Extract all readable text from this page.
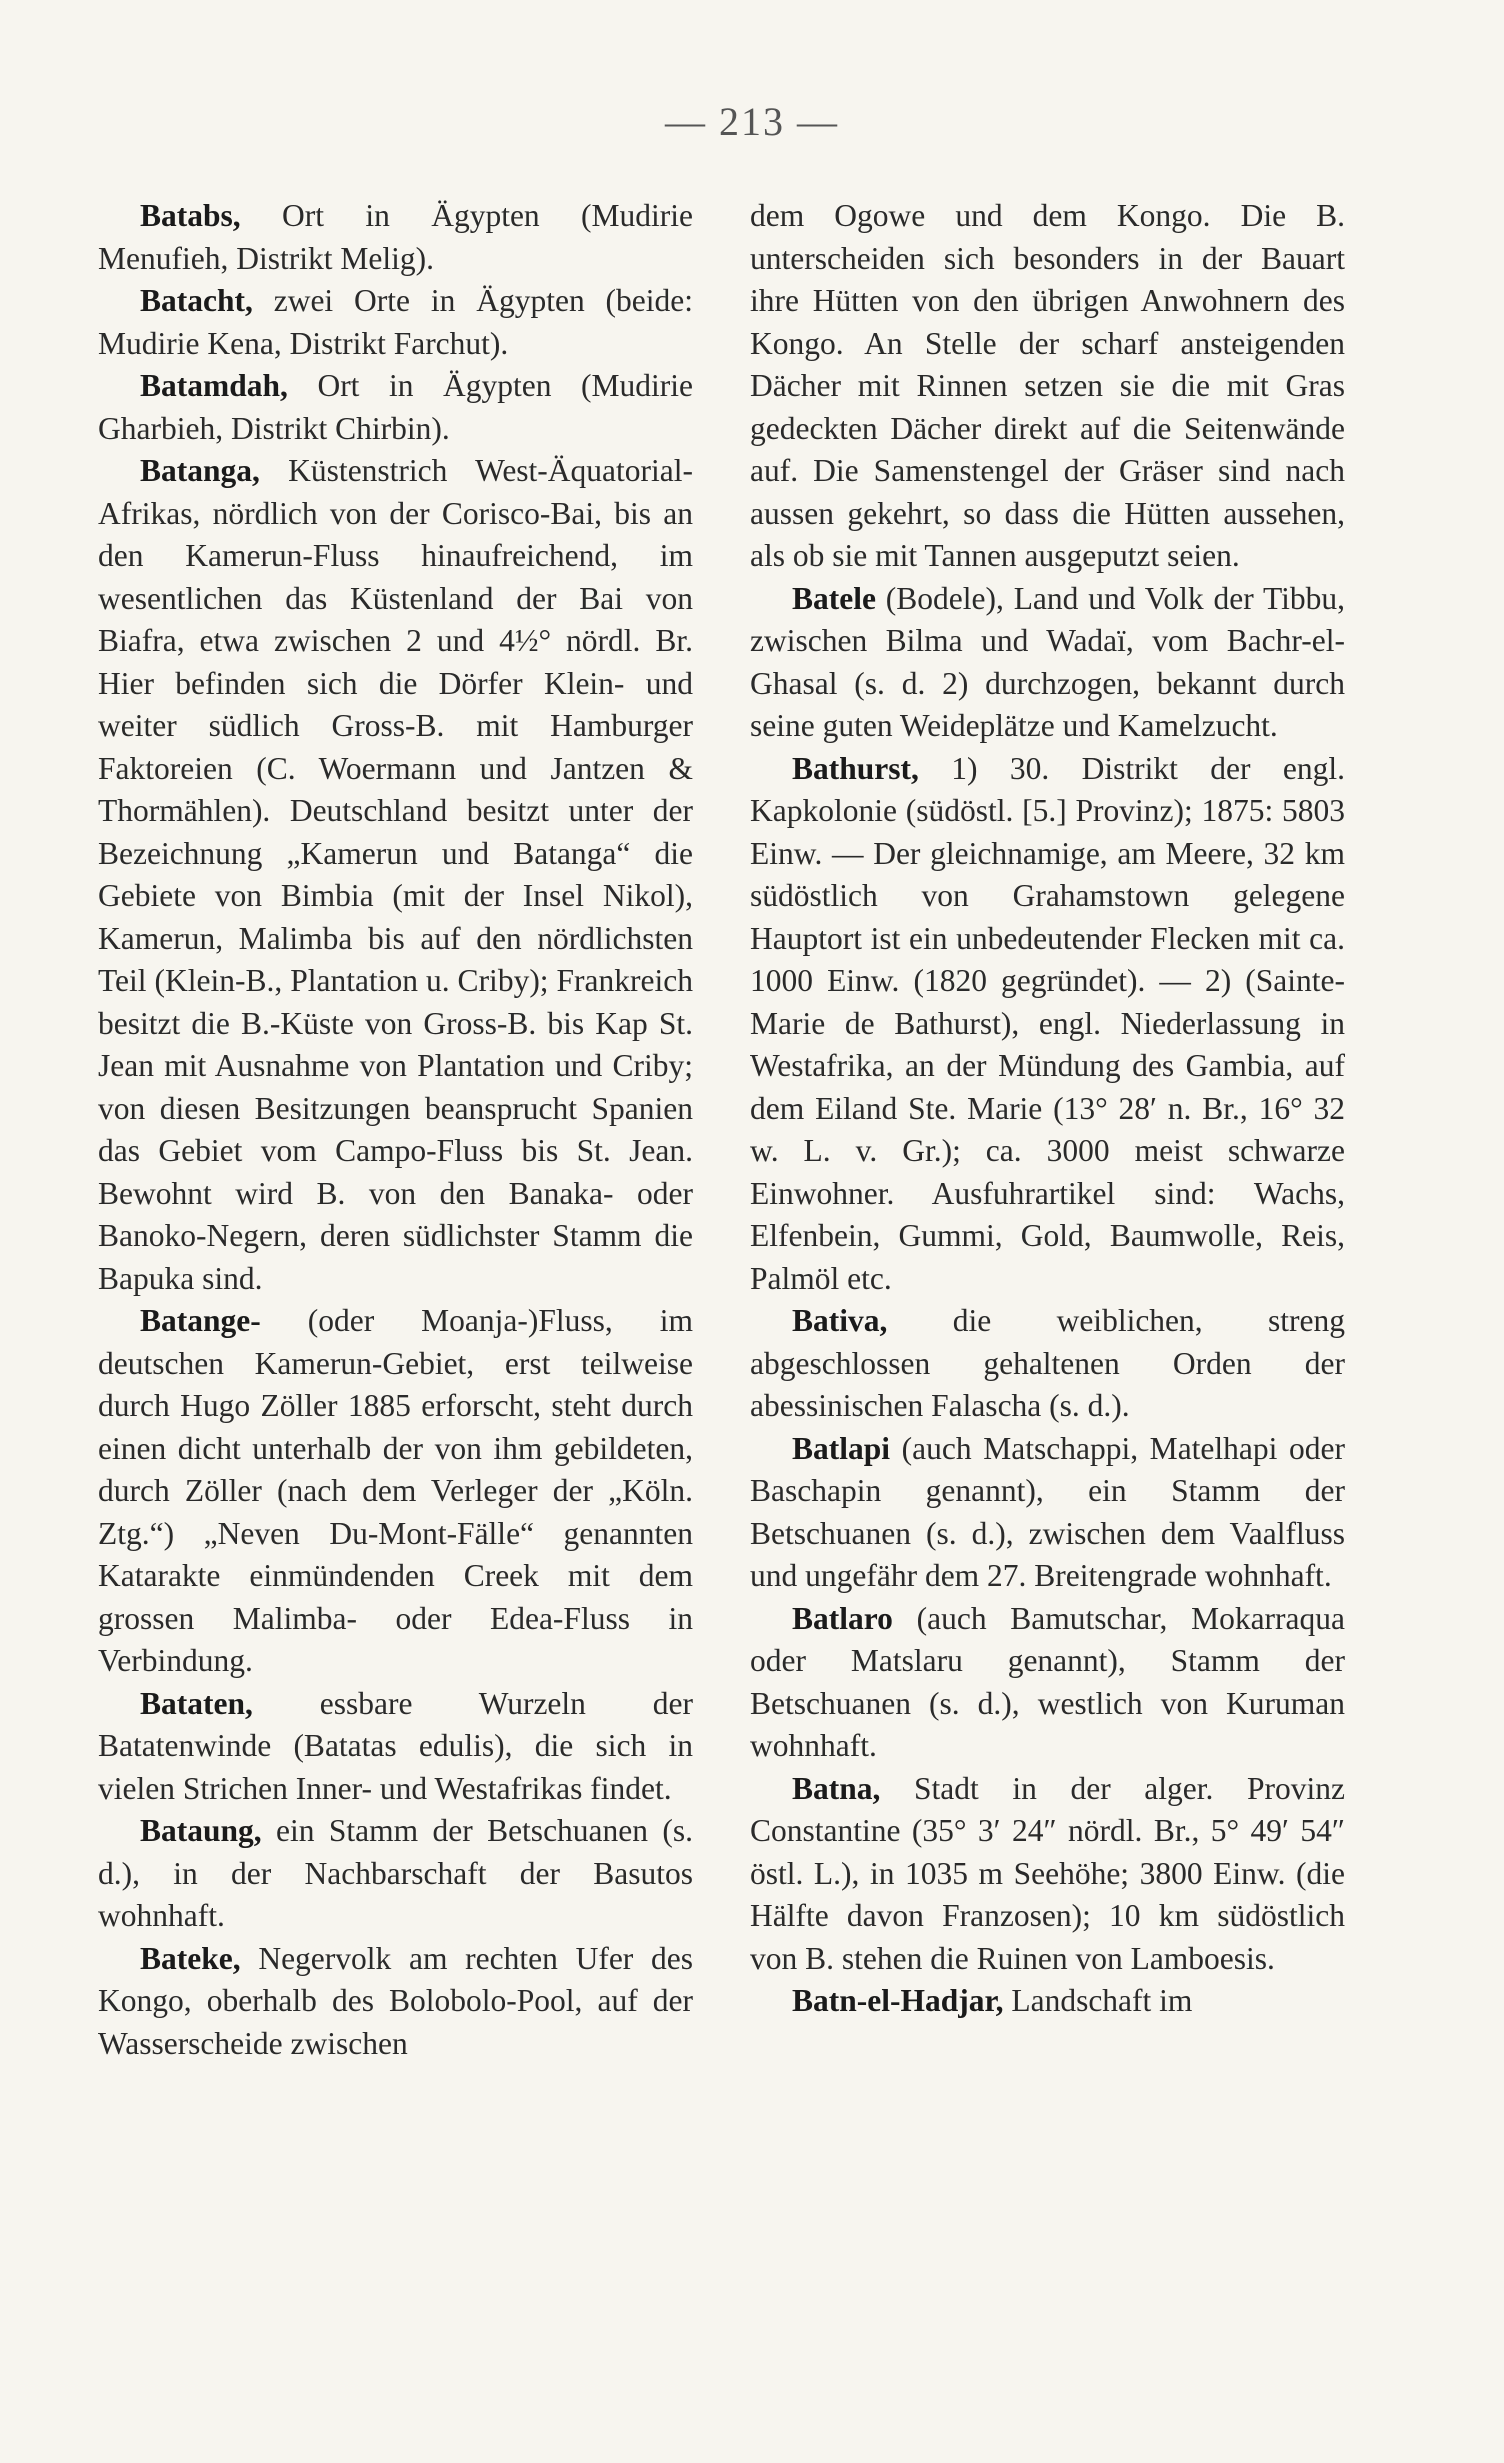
— 213 —

Batabs, Ort in Ägypten (Mudirie Menufieh, Distrikt Melig).

Batacht, zwei Orte in Ägypten (beide: Mudirie Kena, Distrikt Farchut).

Batamdah, Ort in Ägypten (Mudirie Gharbieh, Distrikt Chirbin).

Batanga, Küstenstrich West-Äquatorial-Afrikas, nördlich von der Corisco-Bai, bis an den Kamerun-Fluss hinaufreichend, im wesentlichen das Küstenland der Bai von Biafra, etwa zwischen 2 und 4½° nördl. Br. Hier befinden sich die Dörfer Klein- und weiter südlich Gross-B. mit Hamburger Faktoreien (C. Woermann und Jantzen & Thormählen). Deutschland besitzt unter der Bezeichnung „Kamerun und Batanga“ die Gebiete von Bimbia (mit der Insel Nikol), Kamerun, Malimba bis auf den nördlichsten Teil (Klein-B., Plantation u. Criby); Frankreich besitzt die B.-Küste von Gross-B. bis Kap St. Jean mit Ausnahme von Plantation und Criby; von diesen Besitzungen beansprucht Spanien das Gebiet vom Campo-Fluss bis St. Jean. Bewohnt wird B. von den Banaka- oder Banoko-Negern, deren südlichster Stamm die Bapuka sind.

Batange- (oder Moanja-)Fluss, im deutschen Kamerun-Gebiet, erst teilweise durch Hugo Zöller 1885 erforscht, steht durch einen dicht unterhalb der von ihm gebildeten, durch Zöller (nach dem Verleger der „Köln. Ztg.“) „Neven Du-Mont-Fälle“ genannten Katarakte einmündenden Creek mit dem grossen Malimba- oder Edea-Fluss in Verbindung.

Bataten, essbare Wurzeln der Batatenwinde (Batatas edulis), die sich in vielen Strichen Inner- und Westafrikas findet.

Bataung, ein Stamm der Betschuanen (s. d.), in der Nachbarschaft der Basutos wohnhaft.

Bateke, Negervolk am rechten Ufer des Kongo, oberhalb des Bolobolo-Pool, auf der Wasserscheide zwischen

dem Ogowe und dem Kongo. Die B. unterscheiden sich besonders in der Bauart ihre Hütten von den übrigen Anwohnern des Kongo. An Stelle der scharf ansteigenden Dächer mit Rinnen setzen sie die mit Gras gedeckten Dächer direkt auf die Seitenwände auf. Die Samenstengel der Gräser sind nach aussen gekehrt, so dass die Hütten aussehen, als ob sie mit Tannen ausgeputzt seien.

Batele (Bodele), Land und Volk der Tibbu, zwischen Bilma und Wadaï, vom Bachr-el-Ghasal (s. d. 2) durchzogen, bekannt durch seine guten Weideplätze und Kamelzucht.

Bathurst, 1) 30. Distrikt der engl. Kapkolonie (südöstl. [5.] Provinz); 1875: 5803 Einw. — Der gleichnamige, am Meere, 32 km südöstlich von Grahamstown gelegene Hauptort ist ein unbedeutender Flecken mit ca. 1000 Einw. (1820 gegründet). — 2) (Sainte-Marie de Bathurst), engl. Niederlassung in Westafrika, an der Mündung des Gambia, auf dem Eiland Ste. Marie (13° 28′ n. Br., 16° 32 w. L. v. Gr.); ca. 3000 meist schwarze Einwohner. Ausfuhrartikel sind: Wachs, Elfenbein, Gummi, Gold, Baumwolle, Reis, Palmöl etc.

Bativa, die weiblichen, streng abgeschlossen gehaltenen Orden der abessinischen Falascha (s. d.).

Batlapi (auch Matschappi, Matelhapi oder Baschapin genannt), ein Stamm der Betschuanen (s. d.), zwischen dem Vaalfluss und ungefähr dem 27. Breitengrade wohnhaft.

Batlaro (auch Bamutschar, Mokarraqua oder Matslaru genannt), Stamm der Betschuanen (s. d.), westlich von Kuruman wohnhaft.

Batna, Stadt in der alger. Provinz Constantine (35° 3′ 24″ nördl. Br., 5° 49′ 54″ östl. L.), in 1035 m Seehöhe; 3800 Einw. (die Hälfte davon Franzosen); 10 km südöstlich von B. stehen die Ruinen von Lamboesis.

Batn-el-Hadjar, Landschaft im
